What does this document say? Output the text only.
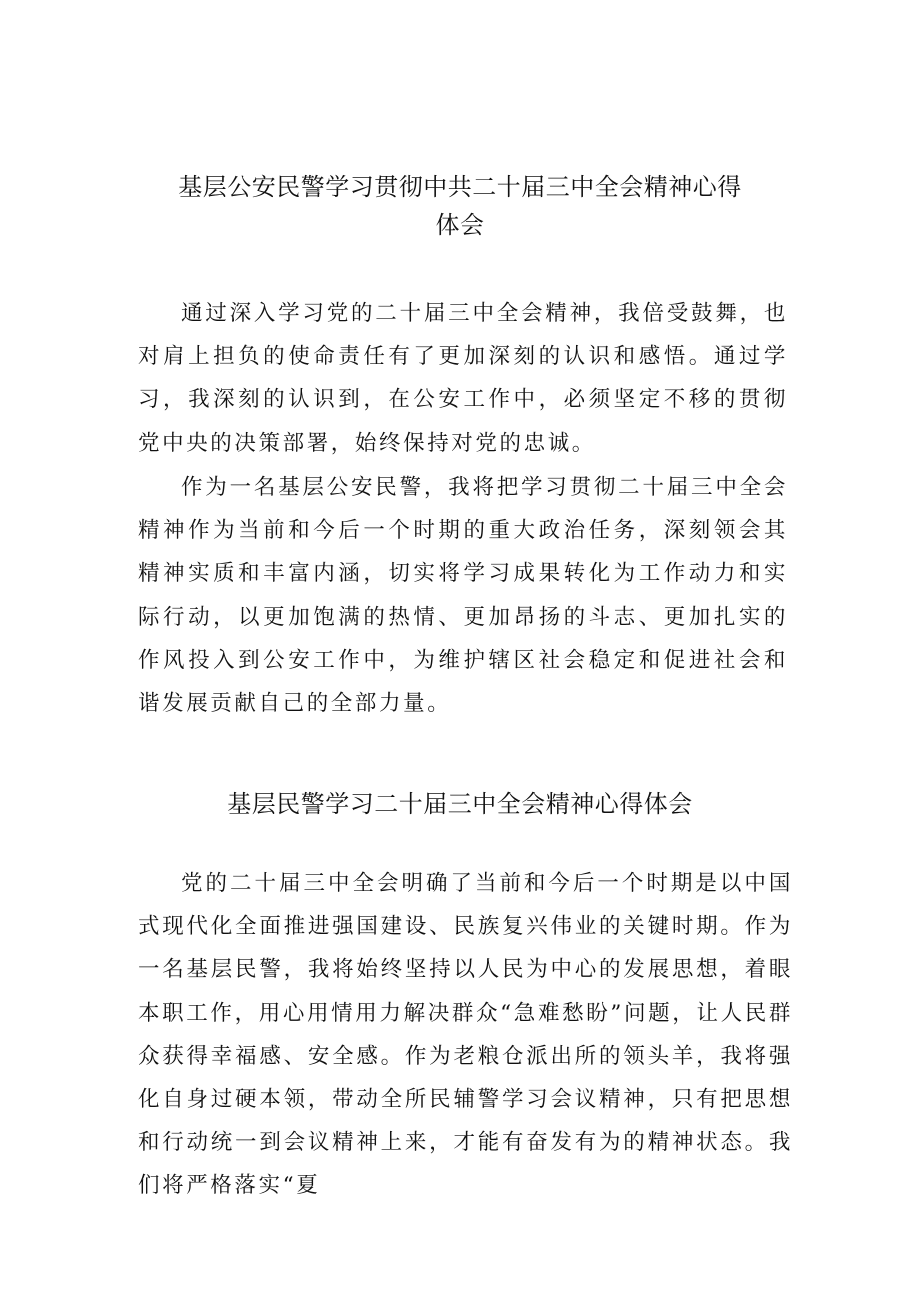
基层公安民警学习贯彻中共二十届三中全会精神心得
体会

通过深入学习党的二十届三中全会精神，我倍受鼓舞，也对肩上担负的使命责任有了更加深刻的认识和感悟。通过学习，我深刻的认识到，在公安工作中，必须坚定不移的贯彻党中央的决策部署，始终保持对党的忠诚。

作为一名基层公安民警，我将把学习贯彻二十届三中全会精神作为当前和今后一个时期的重大政治任务，深刻领会其精神实质和丰富内涵，切实将学习成果转化为工作动力和实际行动，以更加饱满的热情、更加昂扬的斗志、更加扎实的作风投入到公安工作中，为维护辖区社会稳定和促进社会和谐发展贡献自己的全部力量。

基层民警学习二十届三中全会精神心得体会

党的二十届三中全会明确了当前和今后一个时期是以中国式现代化全面推进强国建设、民族复兴伟业的关键时期。作为一名基层民警，我将始终坚持以人民为中心的发展思想，着眼本职工作，用心用情用力解决群众“急难愁盼”问题，让人民群众获得幸福感、安全感。作为老粮仓派出所的领头羊，我将强化自身过硬本领，带动全所民辅警学习会议精神，只有把思想和行动统一到会议精神上来，才能有奋发有为的精神状态。我们将严格落实“夏
